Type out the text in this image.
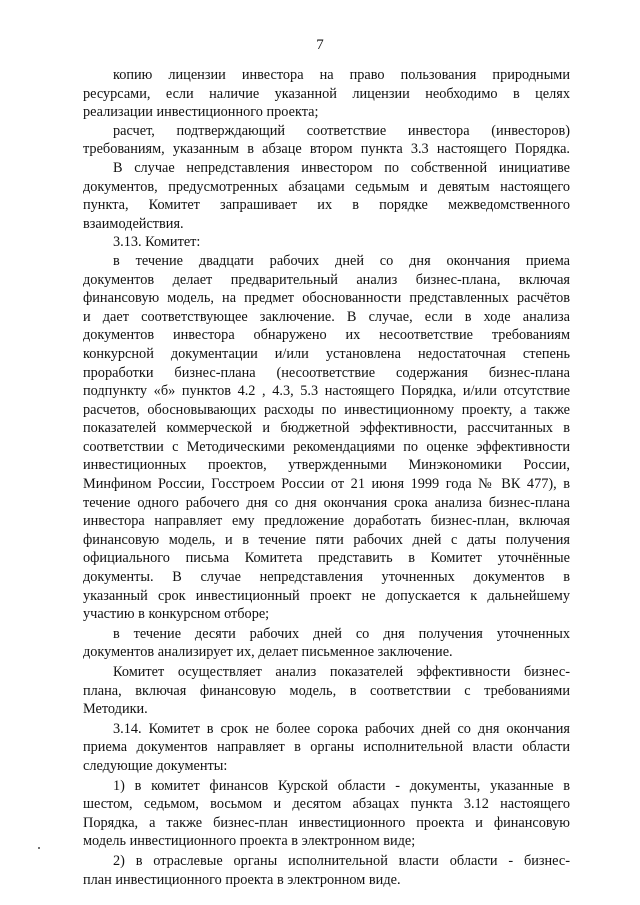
7
копию лицензии инвестора на право пользования природными
ресурсами, если наличие указанной лицензии необходимо в целях
реализации инвестиционного проекта;
расчет, подтверждающий соответствие инвестора (инвесторов)
требованиям, указанным в абзаце втором пункта 3.3 настоящего Порядка.
В случае непредставления инвестором по собственной инициативе
документов, предусмотренных абзацами седьмым и девятым настоящего
пункта, Комитет запрашивает их в порядке межведомственного
взаимодействия.
3.13. Комитет:
в течение двадцати рабочих дней со дня окончания приема
документов делает предварительный анализ бизнес-плана, включая
финансовую модель, на предмет обоснованности представленных расчётов
и дает соответствующее заключение. В случае, если в ходе анализа
документов инвестора обнаружено их несоответствие требованиям
конкурсной документации и/или установлена недостаточная степень
проработки бизнес-плана (несоответствие содержания бизнес-плана
подпункту «б» пунктов 4.2 , 4.3, 5.3 настоящего Порядка, и/или отсутствие
расчетов, обосновывающих расходы по инвестиционному проекту, а также
показателей коммерческой и бюджетной эффективности, рассчитанных в
соответствии с Методическими рекомендациями по оценке эффективности
инвестиционных проектов, утвержденными Минэкономики России,
Минфином России, Госстроем России от 21 июня 1999 года № ВК 477), в
течение одного рабочего дня со дня окончания срока анализа бизнес-плана
инвестора направляет ему предложение доработать бизнес-план, включая
финансовую модель, и в течение пяти рабочих дней с даты получения
официального письма Комитета представить в Комитет уточнённые
документы. В случае непредставления уточненных документов в
указанный срок инвестиционный проект не допускается к дальнейшему
участию в конкурсном отборе;
в течение десяти рабочих дней со дня получения уточненных
документов анализирует их, делает письменное заключение.
Комитет осуществляет анализ показателей эффективности бизнес-
плана, включая финансовую модель, в соответствии с требованиями
Методики.
3.14. Комитет в срок не более сорока рабочих дней со дня окончания
приема документов направляет в органы исполнительной власти области
следующие документы:
1) в комитет финансов Курской области - документы, указанные в
шестом, седьмом, восьмом и десятом абзацах пункта 3.12 настоящего
Порядка, а также бизнес-план инвестиционного проекта и финансовую
модель инвестиционного проекта в электронном виде;
2) в отраслевые органы исполнительной власти области - бизнес-
план инвестиционного проекта в электронном виде.
